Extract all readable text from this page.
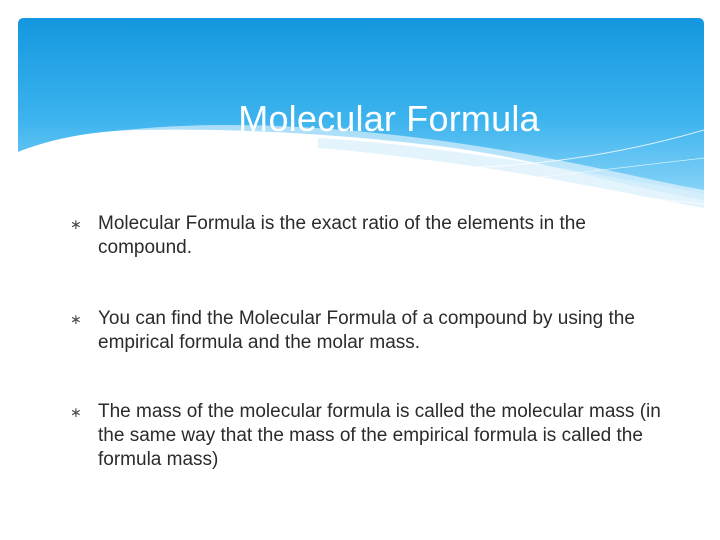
Molecular Formula
∗ Molecular Formula is the exact ratio of the elements in the compound.
∗ You can find the Molecular Formula of a compound by using the empirical formula and the molar mass.
∗ The mass of the molecular formula is called the molecular mass (in the same way that the mass of the empirical formula is called the formula mass)
